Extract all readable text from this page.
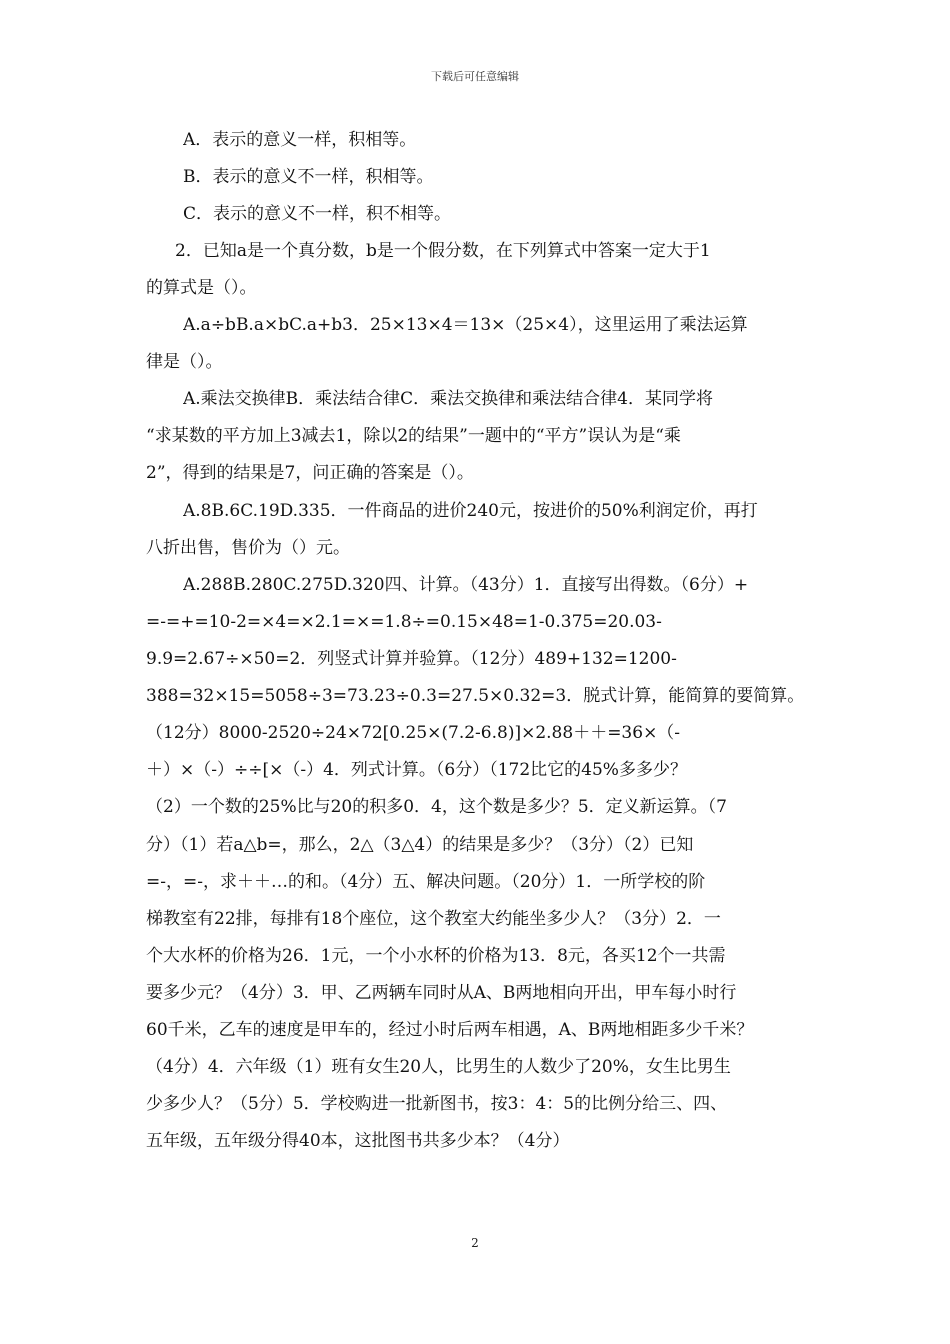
下载后可任意编辑
A．表示的意义一样，积相等。
B．表示的意义不一样，积相等。
C．表示的意义不一样，积不相等。
2．已知a是一个真分数，b是一个假分数，在下列算式中答案一定大于1
的算式是（）。
A.a÷bB.a×bC.a+b3．25×13×4＝13×（25×4），这里运用了乘法运算
律是（）。
A.乘法交换律B．乘法结合律C．乘法交换律和乘法结合律4．某同学将
“求某数的平方加上3减去1，除以2的结果”一题中的“平方”误认为是“乘
2”，得到的结果是7，问正确的答案是（）。
A.8B.6C.19D.335．一件商品的进价240元，按进价的50%利润定价，再打
八折出售，售价为（）元。
A.288B.280C.275D.320四、计算。（43分）1．直接写出得数。（6分）+
=-=+=10-2=×4=×2.1=×=1.8÷=0.15×48=1-0.375=20.03-
9.9=2.67÷×50=2．列竖式计算并验算。（12分）489+132=1200-
388=32×15=5058÷3=73.23÷0.3=27.5×0.32=3．脱式计算，能简算的要简算。
（12分）8000-2520÷24×72[0.25×(7.2-6.8)]×2.88＋＋=36×（-
＋）×（-）÷÷[×（-）4．列式计算。（6分）（172比它的45%多多少？
（2）一个数的25%比与20的积多0．4，这个数是多少？5．定义新运算。（7
分）（1）若a△b=，那么，2△（3△4）的结果是多少？（3分）（2）已知
=-，=-，求＋＋…的和。（4分）五、解决问题。（20分）1．一所学校的阶
梯教室有22排，每排有18个座位，这个教室大约能坐多少人？（3分）2．一
个大水杯的价格为26．1元，一个小水杯的价格为13．8元，各买12个一共需
要多少元？（4分）3．甲、乙两辆车同时从A、B两地相向开出，甲车每小时行
60千米，乙车的速度是甲车的，经过小时后两车相遇，A、B两地相距多少千米？
（4分）4．六年级（1）班有女生20人，比男生的人数少了20%，女生比男生
少多少人？（5分）5．学校购进一批新图书，按3：4：5的比例分给三、四、
五年级，五年级分得40本，这批图书共多少本？（4分）
2
